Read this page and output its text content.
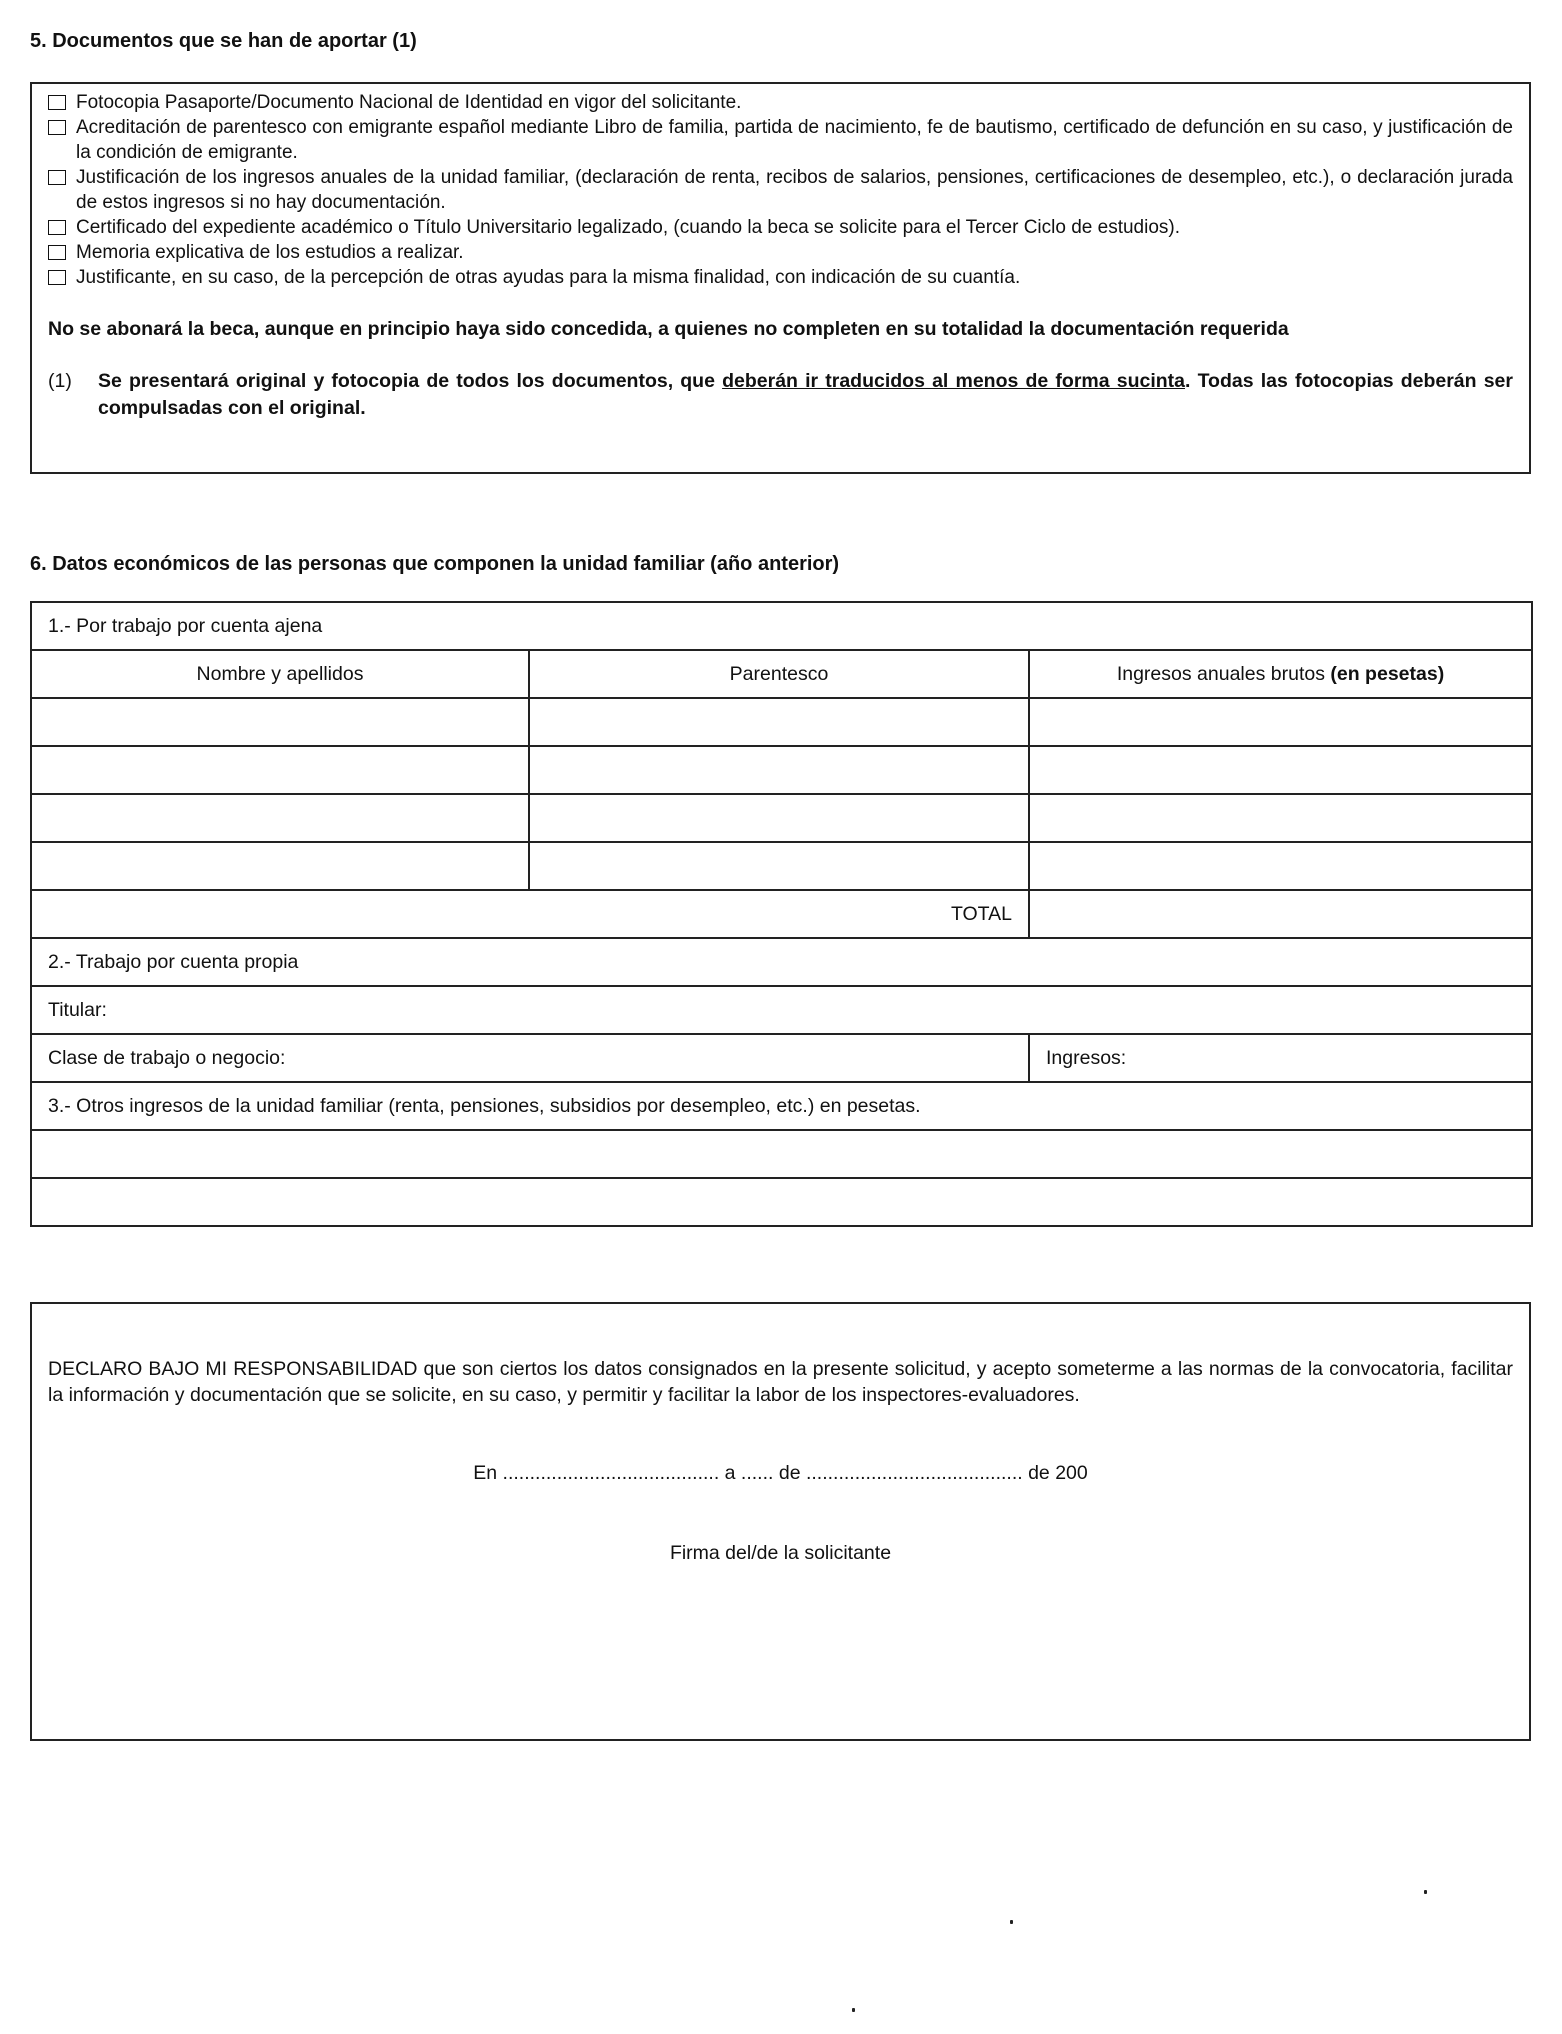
5. Documentos que se han de aportar (1)
Fotocopia Pasaporte/Documento Nacional de Identidad en vigor del solicitante.
Acreditación de parentesco con emigrante español mediante Libro de familia, partida de nacimiento, fe de bautismo, certificado de defunción en su caso, y justificación de la condición de emigrante.
Justificación de los ingresos anuales de la unidad familiar, (declaración de renta, recibos de salarios, pensiones, certificaciones de desempleo, etc.), o declaración jurada de estos ingresos si no hay documentación.
Certificado del expediente académico o Título Universitario legalizado, (cuando la beca se solicite para el Tercer Ciclo de estudios).
Memoria explicativa de los estudios a realizar.
Justificante, en su caso, de la percepción de otras ayudas para la misma finalidad, con indicación de su cuantía.
No se abonará la beca, aunque en principio haya sido concedida, a quienes no completen en su totalidad la documentación requerida
(1)	Se presentará original y fotocopia de todos los documentos, que deberán ir traducidos al menos de forma sucinta. Todas las fotocopias deberán ser compulsadas con el original.
6. Datos económicos de las personas que componen la unidad familiar (año anterior)
1.- Por trabajo por cuenta ajena		
Nombre y apellidos	Parentesco	Ingresos anuales brutos (en pesetas)

TOTAL		
2.- Trabajo por cuenta propia		
Titular:		
Clase de trabajo o negocio:		Ingresos:
3.- Otros ingresos de la unidad familiar (renta, pensiones, subsidios por desempleo, etc.) en pesetas.		

DECLARO BAJO MI RESPONSABILIDAD que son ciertos los datos consignados en la presente solicitud, y acepto someterme a las normas de la convocatoria, facilitar la información y documentación que se solicite, en su caso, y permitir y facilitar la labor de los inspectores-evaluadores.
En ........................................ a ...... de ........................................ de 200
Firma del/de la solicitante
